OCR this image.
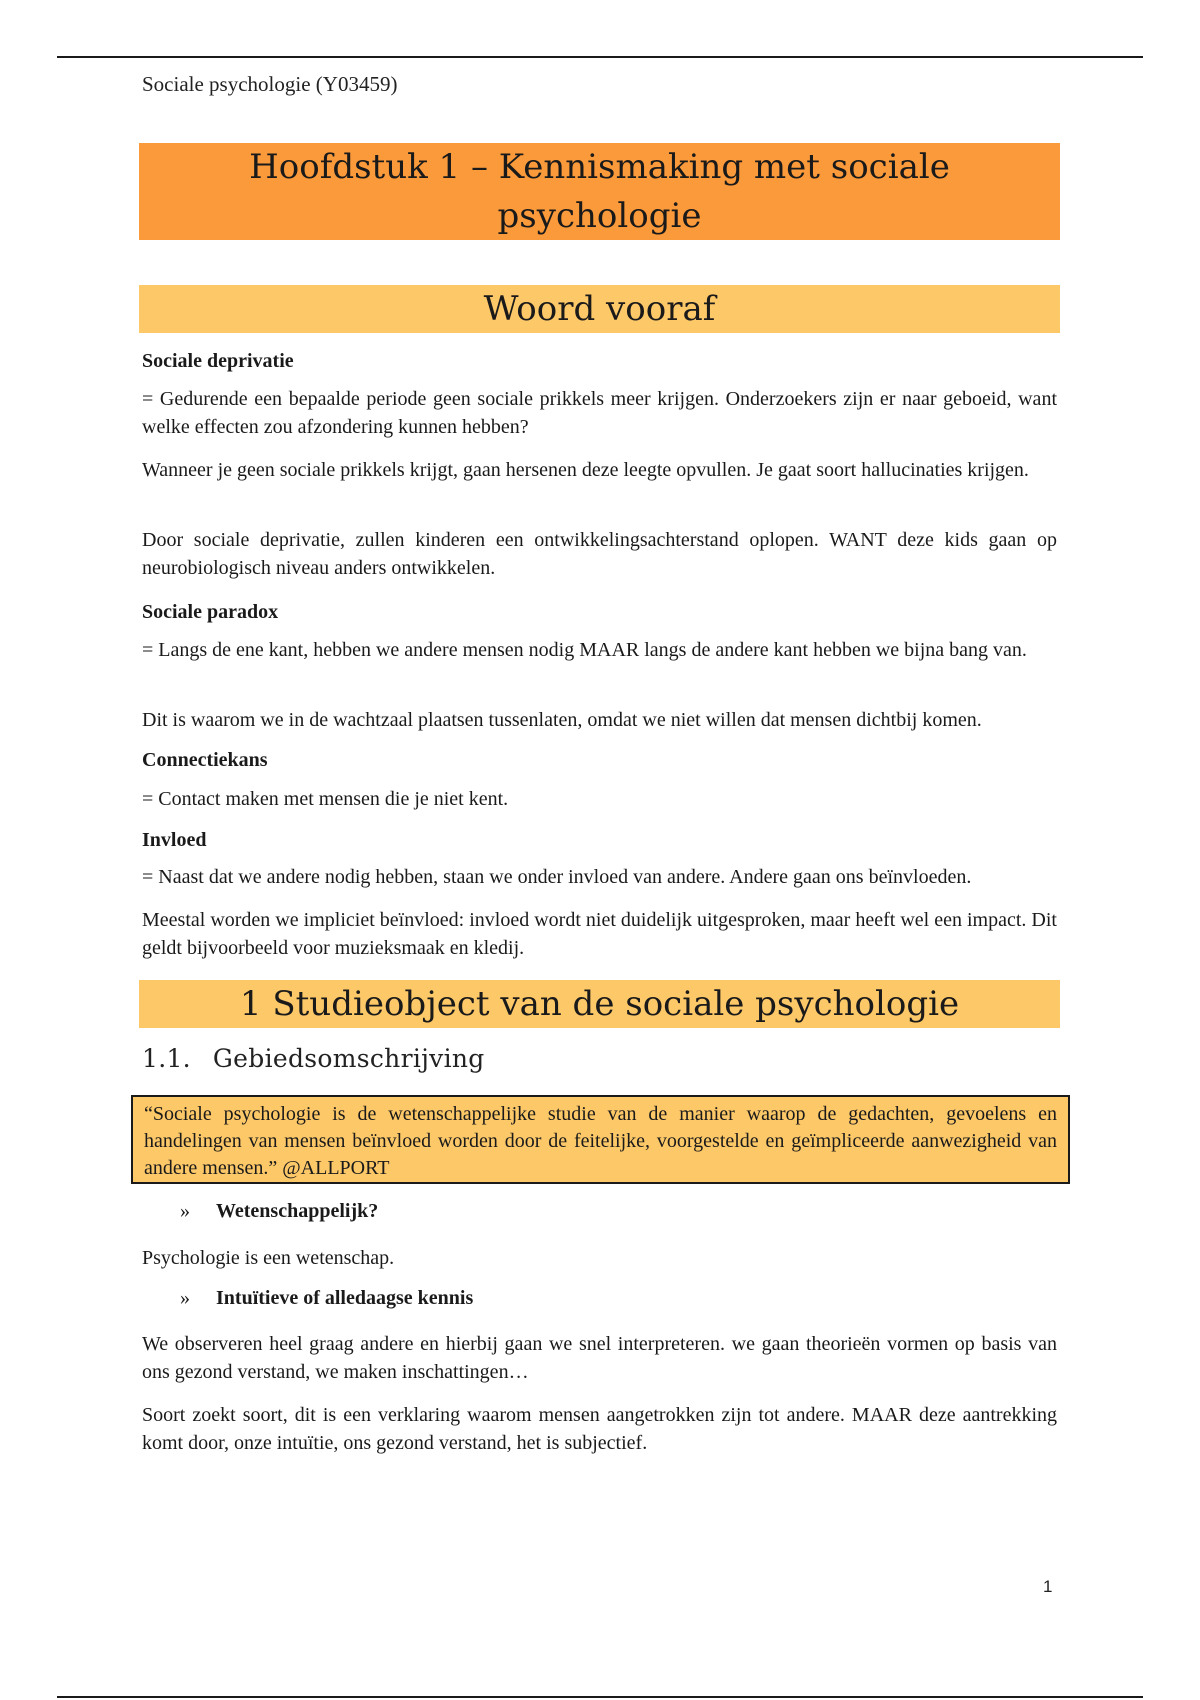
Sociale psychologie (Y03459)
Hoofdstuk 1 – Kennismaking met sociale
psychologie
Woord vooraf
Sociale deprivatie
= Gedurende een bepaalde periode geen sociale prikkels meer krijgen. Onderzoekers zijn er naar geboeid, want welke effecten zou afzondering kunnen hebben?
Wanneer je geen sociale prikkels krijgt, gaan hersenen deze leegte opvullen. Je gaat soort hallucinaties krijgen.
Door sociale deprivatie, zullen kinderen een ontwikkelingsachterstand oplopen. WANT deze kids gaan op neurobiologisch niveau anders ontwikkelen.
Sociale paradox
= Langs de ene kant, hebben we andere mensen nodig MAAR langs de andere kant hebben we bijna bang van.
Dit is waarom we in de wachtzaal plaatsen tussenlaten, omdat we niet willen dat mensen dichtbij komen.
Connectiekans
= Contact maken met mensen die je niet kent.
Invloed
= Naast dat we andere nodig hebben, staan we onder invloed van andere. Andere gaan ons beïnvloeden.
Meestal worden we impliciet beïnvloed: invloed wordt niet duidelijk uitgesproken, maar heeft wel een impact. Dit geldt bijvoorbeeld voor muzieksmaak en kledij.
1 Studieobject van de sociale psychologie
1.1. Gebiedsomschrijving
“Sociale psychologie is de wetenschappelijke studie van de manier waarop de gedachten, gevoelens en handelingen van mensen beïnvloed worden door de feitelijke, voorgestelde en geïmpliceerde aanwezigheid van andere mensen.” @ALLPORT
» Wetenschappelijk?
Psychologie is een wetenschap.
» Intuïtieve of alledaagse kennis
We observeren heel graag andere en hierbij gaan we snel interpreteren. we gaan theorieën vormen op basis van ons gezond verstand, we maken inschattingen…
Soort zoekt soort, dit is een verklaring waarom mensen aangetrokken zijn tot andere. MAAR deze aantrekking komt door, onze intuïtie, ons gezond verstand, het is subjectief.
1
